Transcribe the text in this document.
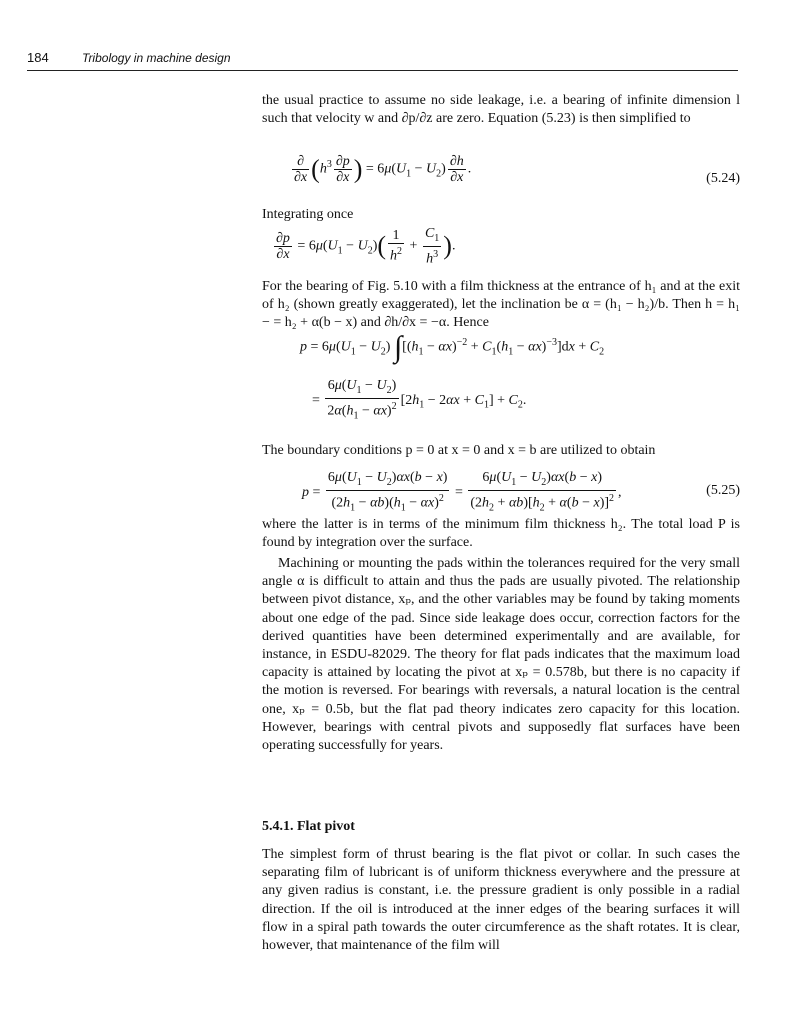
184	Tribology in machine design

the usual practice to assume no side leakage, i.e. a bearing of infinite dimension l such that velocity w and ∂p/∂z are zero. Equation (5.23) is then simplified to

$\frac{\partial}{\partial x} (h^3 \frac{\partial p}{\partial x}$ ) = $6\mu(U_1 - U_2) \frac{\partial h}{\partial x}$ .
(5.24)

Integrating once

$\frac{\partial p}{\partial x} = 6\mu(U_1 - U_2)( \frac{1}{h^2} + \frac{C_1}{h^3}$ ).

For the bearing of Fig. 5.10 with a film thickness at the entrance of h₁ and at the exit of h₂ (shown greatly exaggerated), let the inclination be α = (h₁ − h₂)/b. Then h = h₁ − = h₂ + α(b − x) and ∂h/∂x = −α. Hence

$p = 6\mu(U_1 - U_2) \int[(h_1 - \alpha x)^{-2} + C_1(h_1 - \alpha x)^{-3}]dx + C_2$
= $\frac{6\mu(U_1 - U_2)}{2\alpha(h_1 - \alpha x)^2} [2h_1 - 2\alpha x + C_1] + C_2$.

The boundary conditions p = 0 at x = 0 and x = b are utilized to obtain

$p = \frac{6\mu(U_1 - U_2)\alpha x(b - x)}{(2h_1 - \alpha b)(h_1 - \alpha x)^2} = \frac{6\mu(U_1 - U_2)\alpha x(b - x)}{(2h_2 + \alpha b)[h_2 + \alpha(b - x)]^2}$ ,	(5.25)

where the latter is in terms of the minimum film thickness h₂. The total load P is found by integration over the surface.

Machining or mounting the pads within the tolerances required for the very small angle α is difficult to attain and thus the pads are usually pivoted. The relationship between pivot distance, xₚ, and the other variables may be found by taking moments about one edge of the pad. Since side leakage does occur, correction factors for the derived quantities have been determined experimentally and are available, for instance, in ESDU-82029. The theory for flat pads indicates that the maximum load capacity is attained by locating the pivot at xₚ = 0.578b, but there is no capacity if the motion is reversed. For bearings with reversals, a natural location is the central one, xₚ = 0.5b, but the flat pad theory indicates zero capacity for this location. However, bearings with central pivots and supposedly flat surfaces have been operating successfully for years.

5.4.1. Flat pivot

The simplest form of thrust bearing is the flat pivot or collar. In such cases the separating film of lubricant is of uniform thickness everywhere and the pressure at any given radius is constant, i.e. the pressure gradient is only possible in a radial direction. If the oil is introduced at the inner edges of the bearing surfaces it will flow in a spiral path towards the outer circumference as the shaft rotates. It is clear, however, that maintenance of the film will
